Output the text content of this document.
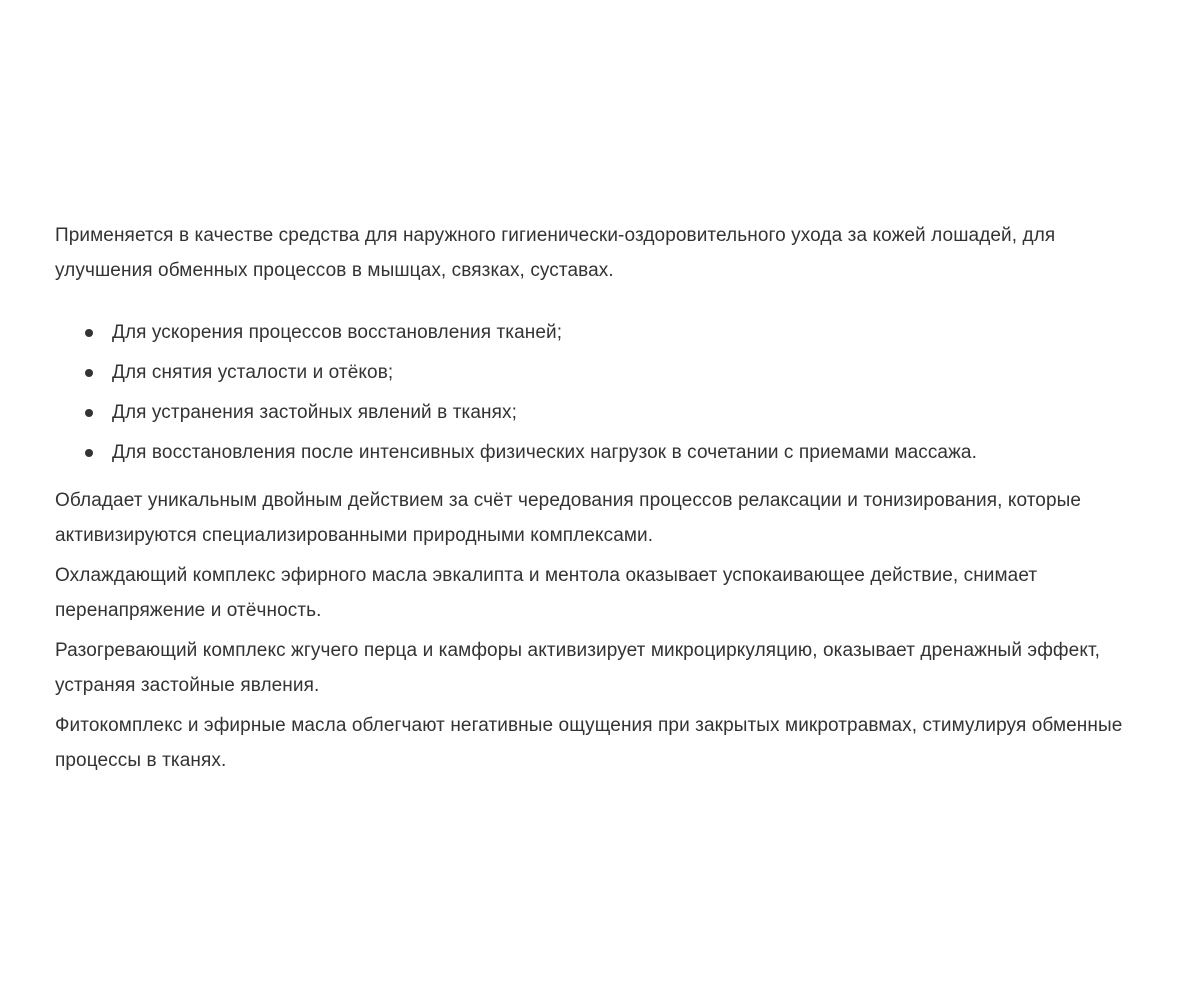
Применяется в качестве средства для наружного гигиенически-оздоровительного ухода за кожей лошадей, для улучшения обменных процессов в мышцах, связках, суставах.

Для ускорения процессов восстановления тканей;
Для снятия усталости и отёков;
Для устранения застойных явлений в тканях;
Для восстановления после интенсивных физических нагрузок в сочетании с приемами массажа.

Обладает уникальным двойным действием за счёт чередования процессов релаксации и тонизирования, которые активизируются специализированными природными комплексами.

Охлаждающий комплекс эфирного масла эвкалипта и ментола оказывает успокаивающее действие, снимает перенапряжение и отёчность.

Разогревающий комплекс жгучего перца и камфоры активизирует микроциркуляцию, оказывает дренажный эффект, устраняя застойные явления.

Фитокомплекс и эфирные масла облегчают негативные ощущения при закрытых микротравмах, стимулируя обменные процессы в тканях.
